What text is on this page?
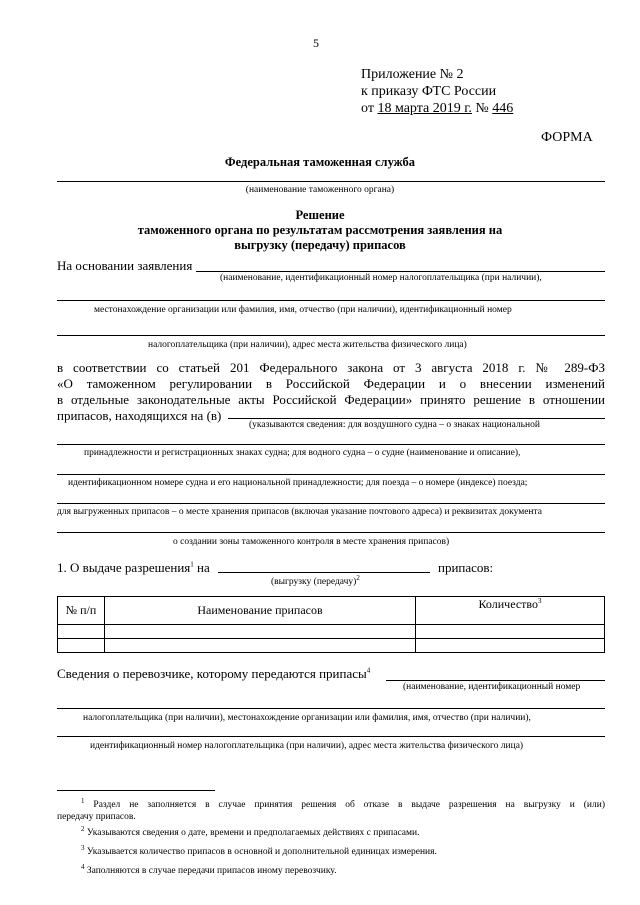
5
Приложение № 2
к приказу ФТС России
от 18 марта 2019 г. № 446
ФОРМА
Федеральная таможенная служба
(наименование таможенного органа)
Решение
таможенного органа по результатам рассмотрения заявления на
выгрузку (передачу) припасов
На основании заявления
(наименование, идентификационный номер налогоплательщика (при наличии),
местонахождение организации или фамилия, имя, отчество (при наличии), идентификационный номер
налогоплательщика (при наличии), адрес места жительства физического лица)
в соответствии со статьей 201 Федерального закона от 3 августа 2018 г. № 289-ФЗ
«О таможенном регулировании в Российской Федерации и о внесении изменений
в отдельные законодательные акты Российской Федерации» принято решение в отношении
припасов, находящихся на (в)
(указываются сведения: для воздушного судна – о знаках национальной
принадлежности и регистрационных знаках судна; для водного судна – о судне (наименование и описание),
идентификационном номере судна и его национальной принадлежности; для поезда – о номере (индексе) поезда;
для выгруженных припасов – о месте хранения припасов (включая указание почтового адреса) и реквизитах документа
о создании зоны таможенного контроля в месте хранения припасов)
1. О выдаче разрешения$^1$ на	припасов:
(выгрузку (передачу)$^2$
№ п/п	Наименование припасов	Количество$^3$

Сведения о перевозчике, которому передаются припасы$^4$
(наименование, идентификационный номер
налогоплательщика (при наличии), местонахождение организации или фамилия, имя, отчество (при наличии),
идентификационный номер налогоплательщика (при наличии), адрес места жительства физического лица)
$^1$ Раздел не заполняется в случае принятия решения об отказе в выдаче разрешения на выгрузку и (или)
передачу припасов.
$^2$ Указываются сведения о дате, времени и предполагаемых действиях с припасами.
$^3$ Указывается количество припасов в основной и дополнительной единицах измерения.
$^4$ Заполняются в случае передачи припасов иному перевозчику.
